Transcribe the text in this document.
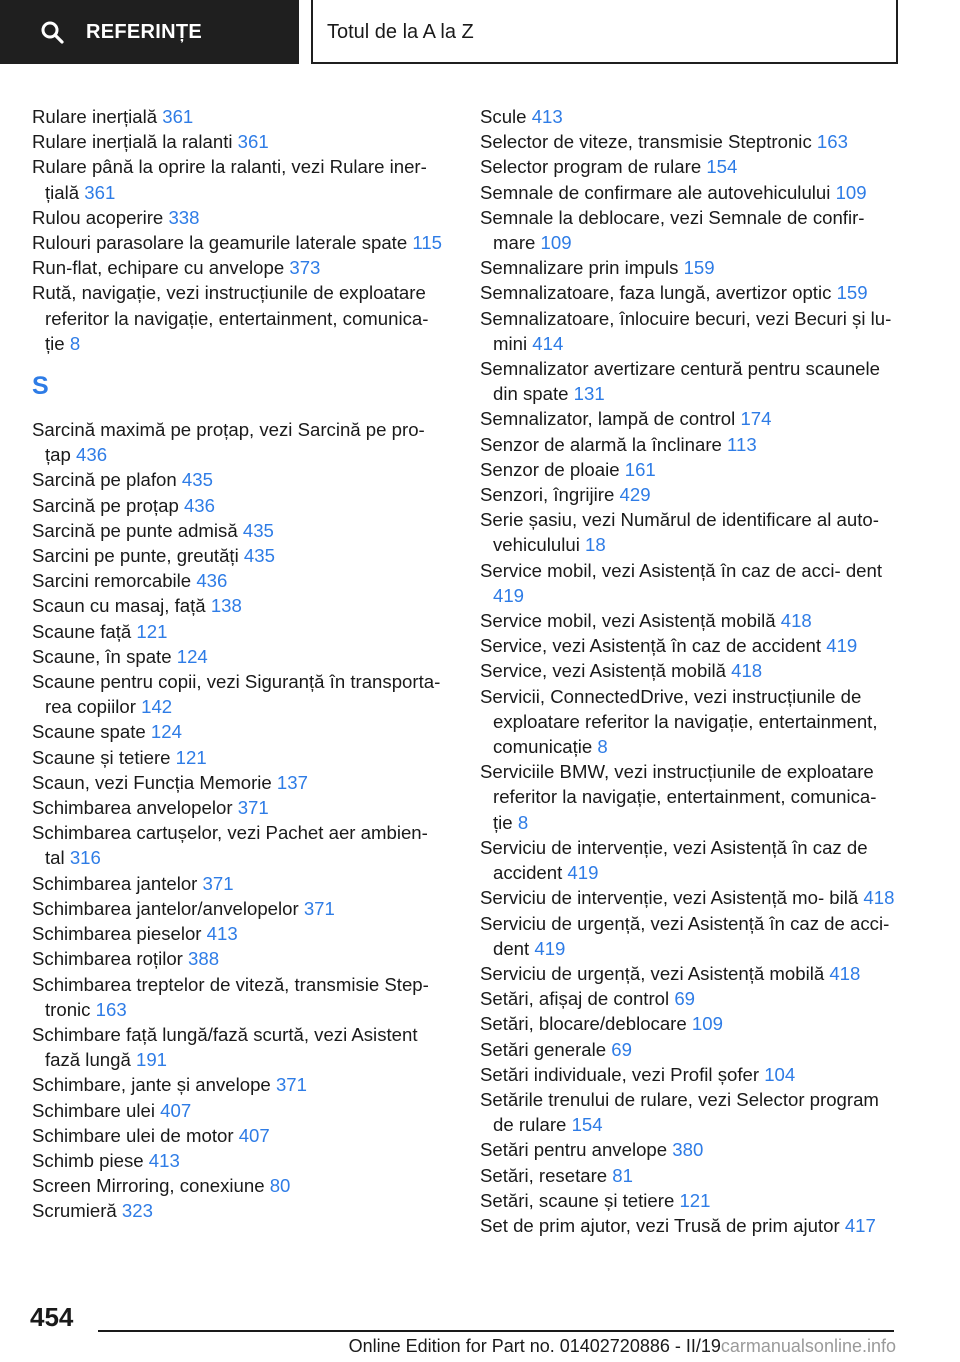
REFERINȚE	Totul de la A la Z

Rulare inerțială 361

Rulare inerțială la ralanti 361

Rulare până la oprire la ralanti, vezi Rulare iner‐ țială 361

Rulou acoperire 338

Rulouri parasolare la geamurile laterale spate 115

Run-flat, echipare cu anvelope 373

Rută, navigație, vezi instrucțiunile de exploatare referitor la navigație, entertainment, comunica‐ ție 8

S

Sarcină maximă pe proțap, vezi Sarcină pe pro‐ țap 436

Sarcină pe plafon 435

Sarcină pe proțap 436

Sarcină pe punte admisă 435

Sarcini pe punte, greutăți 435

Sarcini remorcabile 436

Scaun cu masaj, față 138

Scaune față 121

Scaune, în spate 124

Scaune pentru copii, vezi Siguranță în transporta‐ rea copiilor 142

Scaune spate 124

Scaune și tetiere 121

Scaun, vezi Funcția Memorie 137

Schimbarea anvelopelor 371

Schimbarea cartușelor, vezi Pachet aer ambien‐ tal 316

Schimbarea jantelor 371

Schimbarea jantelor/anvelopelor 371

Schimbarea pieselor 413

Schimbarea roților 388

Schimbarea treptelor de viteză, transmisie Step‐ tronic 163

Schimbare față lungă/fază scurtă, vezi Asistent fază lungă 191

Schimbare, jante și anvelope 371

Schimbare ulei 407

Schimbare ulei de motor 407

Schimb piese 413

Screen Mirroring, conexiune 80

Scrumieră 323

Scule 413

Selector de viteze, transmisie Steptronic 163

Selector program de rulare 154

Semnale de confirmare ale autovehiculului 109

Semnale la deblocare, vezi Semnale de confir‐ mare 109

Semnalizare prin impuls 159

Semnalizatoare, faza lungă, avertizor optic 159

Semnalizatoare, înlocuire becuri, vezi Becuri și lu‐ mini 414

Semnalizator avertizare centură pentru scaunele din spate 131

Semnalizator, lampă de control 174

Senzor de alarmă la înclinare 113

Senzor de ploaie 161

Senzori, îngrijire 429

Serie șasiu, vezi Numărul de identificare al auto‐ vehiculului 18

Service mobil, vezi Asistență în caz de acci‐ dent 419

Service mobil, vezi Asistență mobilă 418

Service, vezi Asistență în caz de accident 419

Service, vezi Asistență mobilă 418

Servicii, ConnectedDrive, vezi instrucțiunile de exploatare referitor la navigație, entertainment, comunicație 8

Serviciile BMW, vezi instrucțiunile de exploatare referitor la navigație, entertainment, comunica‐ ție 8

Serviciu de intervenție, vezi Asistență în caz de accident 419

Serviciu de intervenție, vezi Asistență mo‐ bilă 418

Serviciu de urgență, vezi Asistență în caz de acci‐ dent 419

Serviciu de urgență, vezi Asistență mobilă 418

Setări, afișaj de control 69

Setări, blocare/deblocare 109

Setări generale 69

Setări individuale, vezi Profil șofer 104

Setările trenului de rulare, vezi Selector program de rulare 154

Setări pentru anvelope 380

Setări, resetare 81

Setări, scaune și tetiere 121

Set de prim ajutor, vezi Trusă de prim ajutor 417

454
Online Edition for Part no. 01402720886 - II/19carmanualsonline.info
